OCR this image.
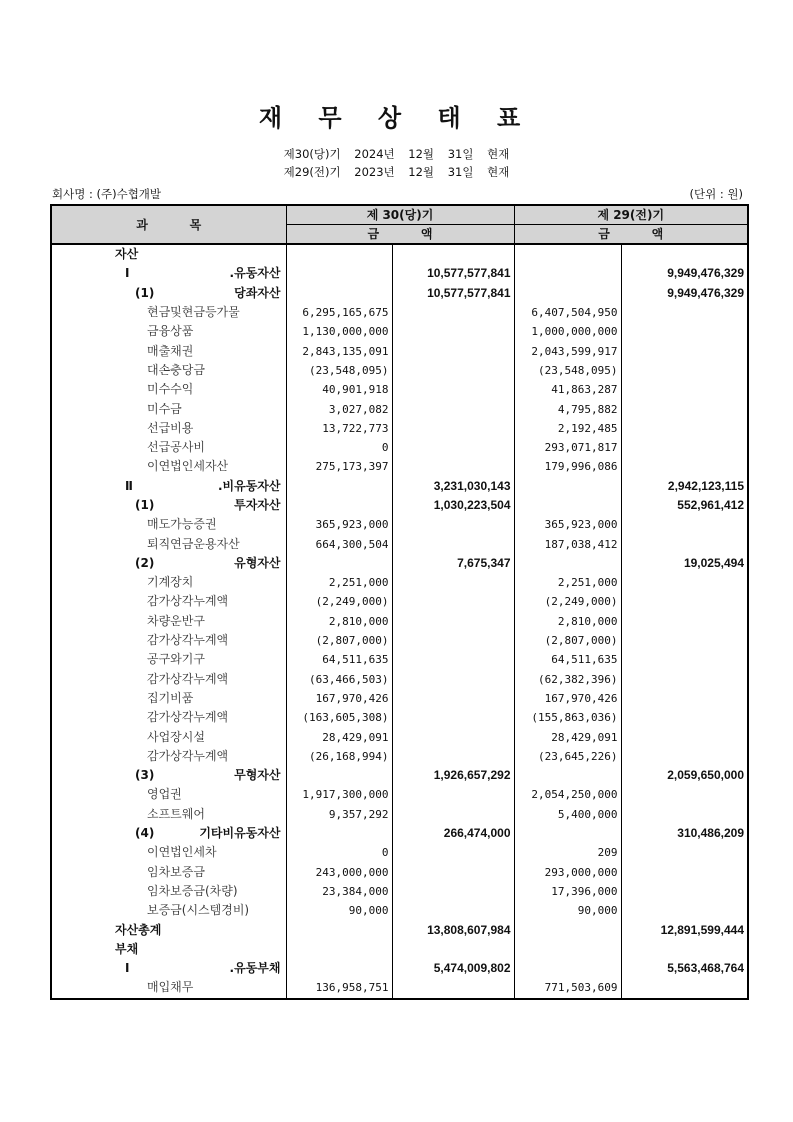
재 무 상 태 표
제30(당)기 2024년 12월 31일 현재
제29(전)기 2023년 12월 31일 현재
회사명 : (주)수협개발	(단위 : 원)
과          목	제 30(당)기		제 29(전)기	
	금          액		금          액	

자산				

Ⅰ.유동자산		10,577,577,841		9,949,476,329

(1) 당좌자산		10,577,577,841		9,949,476,329

현금및현금등가물	6,295,165,675		6,407,504,950	

금융상품	1,130,000,000		1,000,000,000	

매출채권	2,843,135,091		2,043,599,917	

대손충당금	(23,548,095)		(23,548,095)	

미수수익	40,901,918		41,863,287	

미수금	3,027,082		4,795,882	

선급비용	13,722,773		2,192,485	

선급공사비	0		293,071,817	

이연법인세자산	275,173,397		179,996,086	

Ⅱ.비유동자산		3,231,030,143		2,942,123,115

(1) 투자자산		1,030,223,504		552,961,412

매도가능증권	365,923,000		365,923,000	

퇴직연금운용자산	664,300,504		187,038,412	

(2) 유형자산		7,675,347		19,025,494

기계장치	2,251,000		2,251,000	

감가상각누계액	(2,249,000)		(2,249,000)	

차량운반구	2,810,000		2,810,000	

감가상각누계액	(2,807,000)		(2,807,000)	

공구와기구	64,511,635		64,511,635	

감가상각누계액	(63,466,503)		(62,382,396)	

집기비품	167,970,426		167,970,426	

감가상각누계액	(163,605,308)		(155,863,036)	

사업장시설	28,429,091		28,429,091	

감가상각누계액	(26,168,994)		(23,645,226)	

(3) 무형자산		1,926,657,292		2,059,650,000

영업권	1,917,300,000		2,054,250,000	

소프트웨어	9,357,292		5,400,000	

(4) 기타비유동자산		266,474,000		310,486,209

이연법인세차	0		209	

임차보증금	243,000,000		293,000,000	

임차보증금(차량)	23,384,000		17,396,000	

보증금(시스템경비)	90,000		90,000	

자산총계		13,808,607,984		12,891,599,444

부채				

Ⅰ.유동부채		5,474,009,802		5,563,468,764

매입채무	136,958,751		771,503,609	
